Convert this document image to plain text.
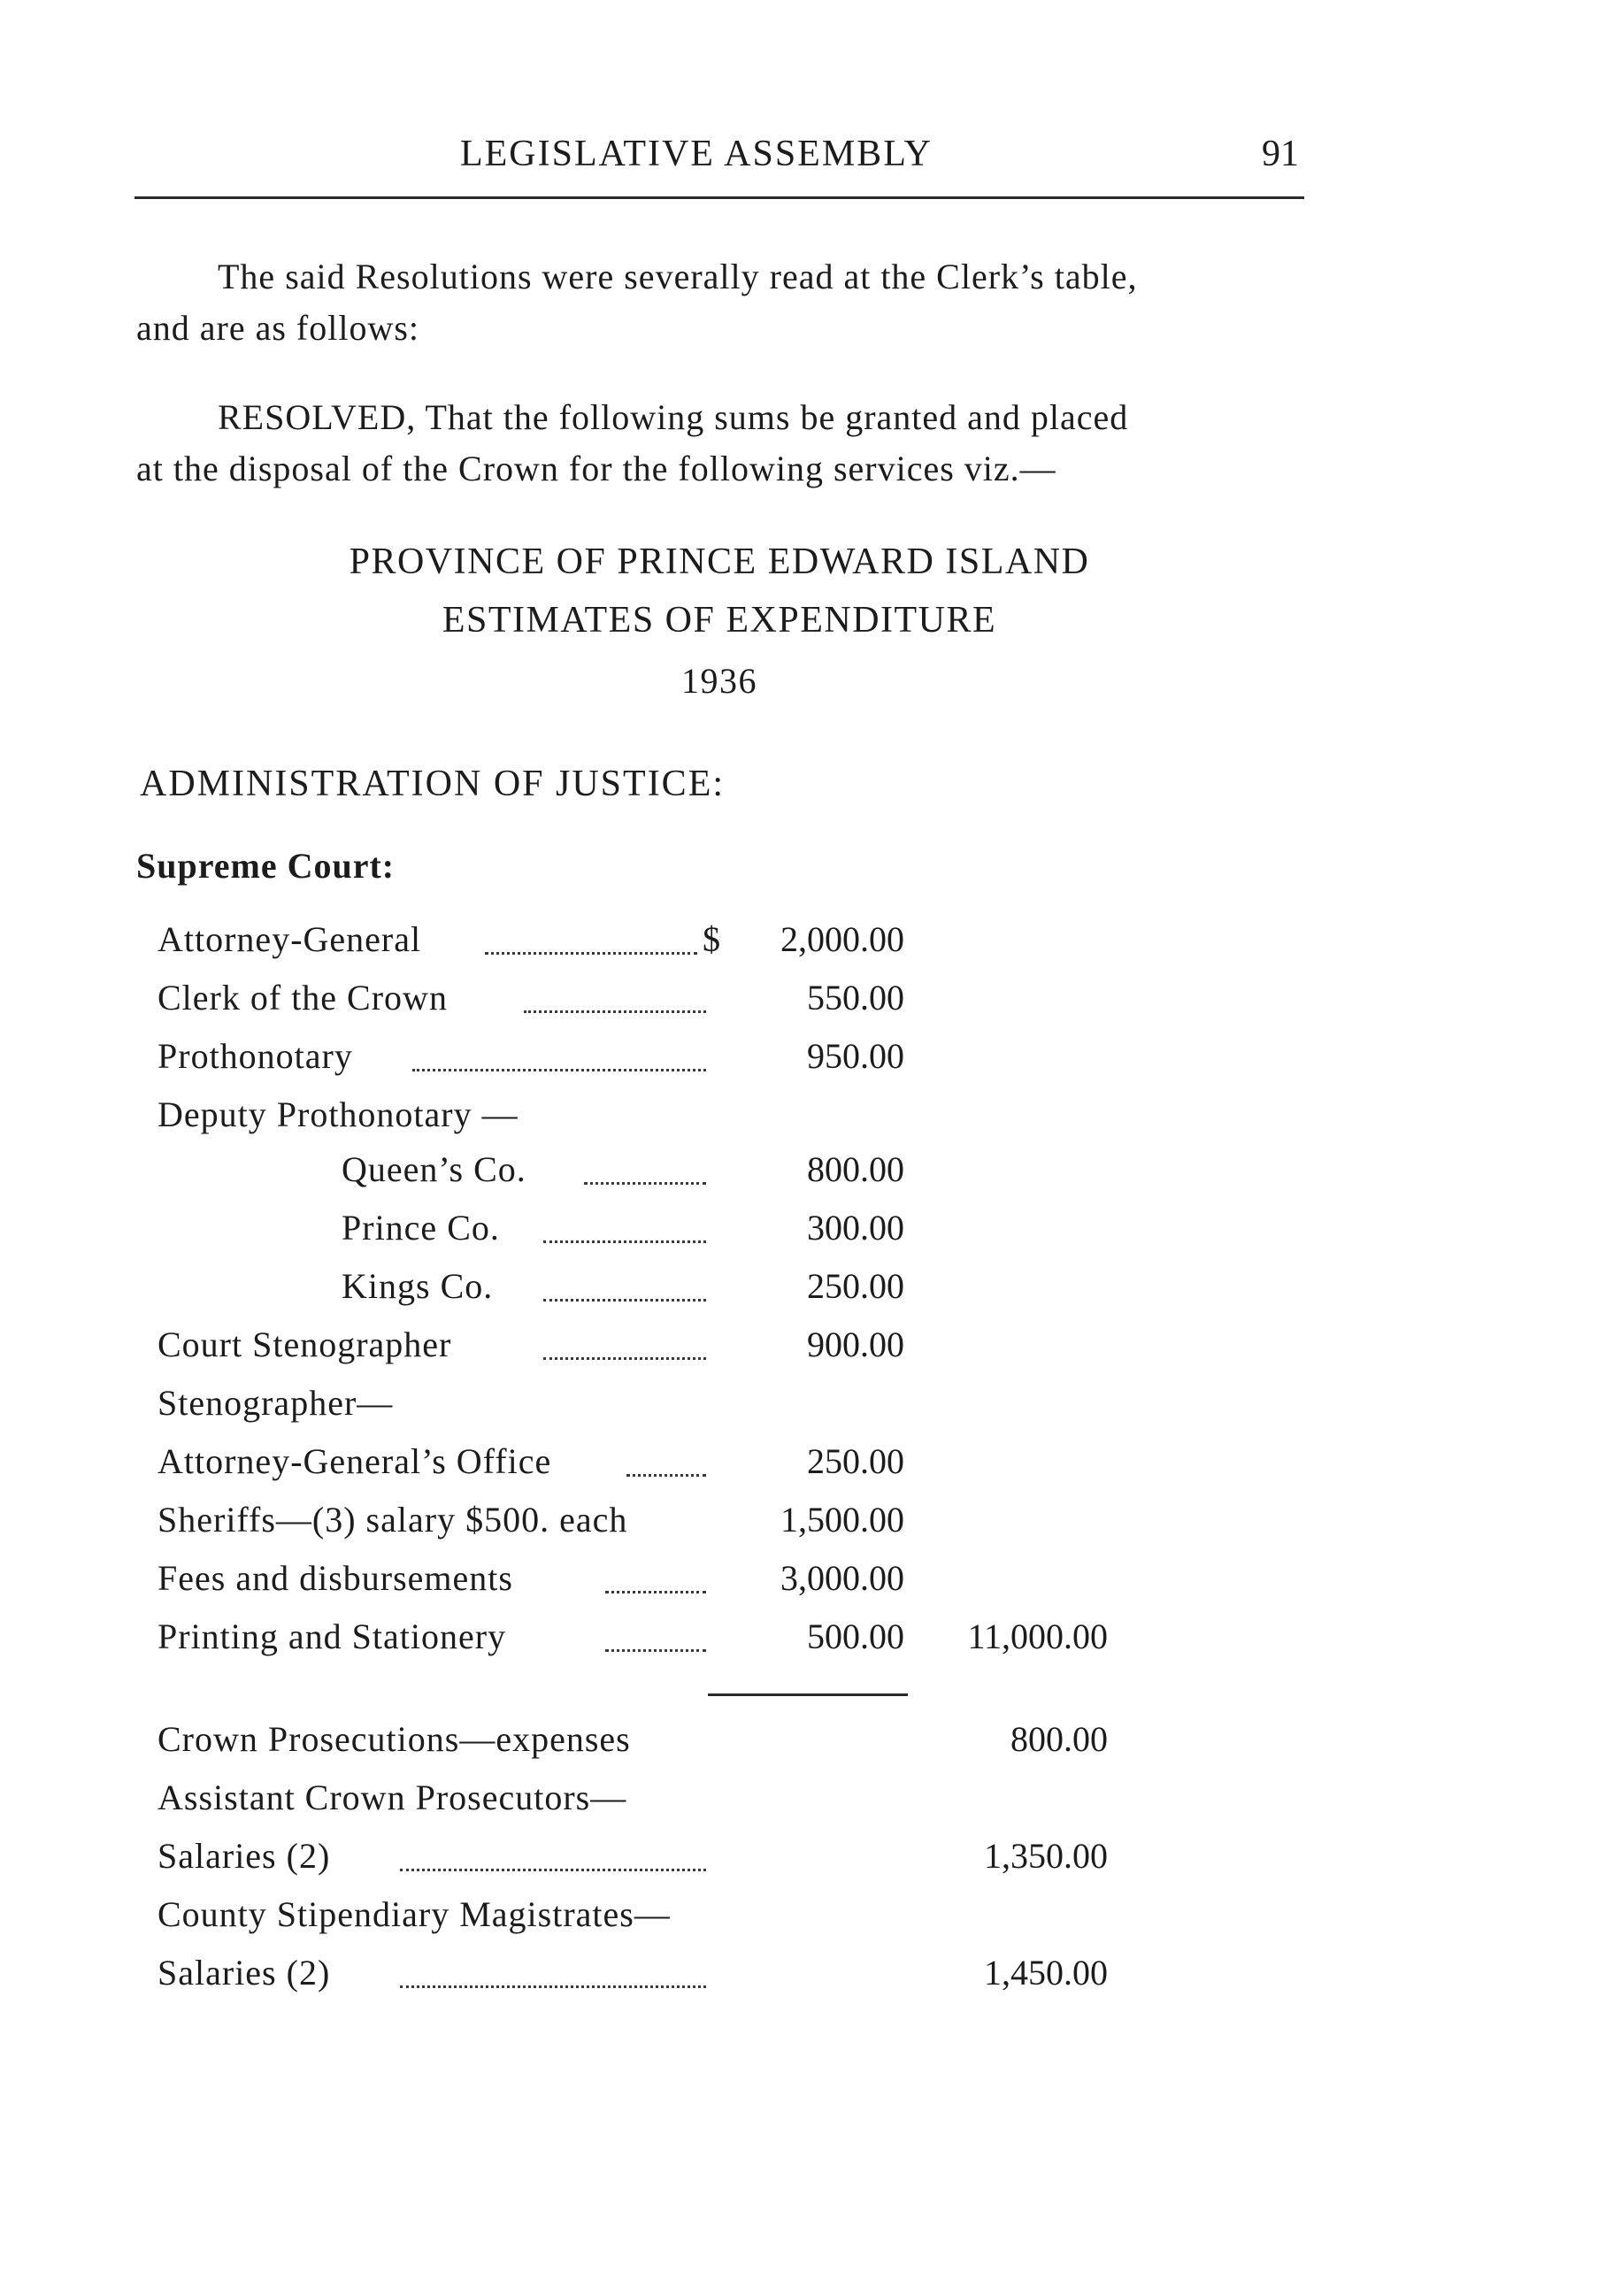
LEGISLATIVE ASSEMBLY	91
The said Resolutions were severally read at the Clerk’s table,
and are as follows:
RESOLVED, That the following sums be granted and placed
at the disposal of the Crown for the following services viz.—
PROVINCE OF PRINCE EDWARD ISLAND
ESTIMATES OF EXPENDITURE
1936
ADMINISTRATION OF JUSTICE:
Supreme Court:
Attorney-General	$ 2,000.00
Clerk of the Crown	550.00
Prothonotary	950.00
Deputy Prothonotary —
Queen’s Co.	800.00
Prince Co.	300.00
Kings Co.	250.00
Court Stenographer	900.00
Stenographer—
Attorney-General’s Office	250.00
Sheriffs—(3) salary $500. each	1,500.00
Fees and disbursements	3,000.00
Printing and Stationery	500.00 11,000.00
Crown Prosecutions—expenses	800.00
Assistant Crown Prosecutors—
Salaries (2)	1,350.00
County Stipendiary Magistrates—
Salaries (2)	1,450.00
